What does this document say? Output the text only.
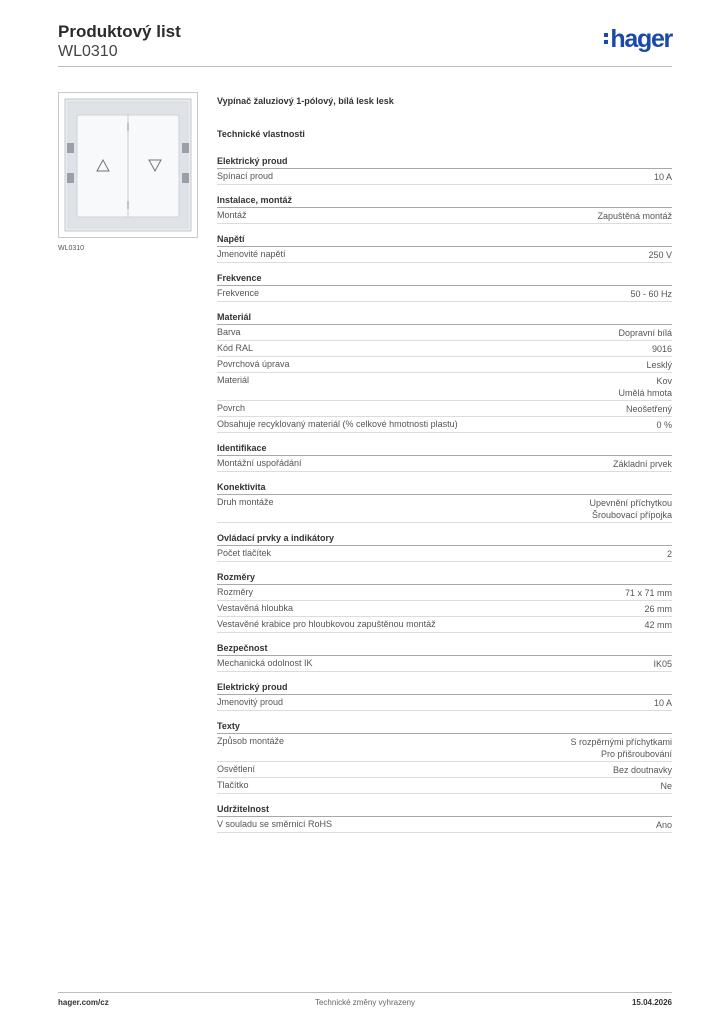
Produktový list
WL0310	hager
WL0310
Vypínač žaluziový 1-pólový, bílá lesk lesk
Technické vlastnosti
Elektrický proud
Spínací proud	10 A
Instalace, montáž
Montáž	Zapuštěná montáž
Napětí
Jmenovité napětí	250 V
Frekvence
Frekvence	50 - 60 Hz
Materiál
Barva	Dopravní bílá
Kód RAL	9016
Povrchová úprava	Lesklý
Materiál	Kov
Umělá hmota
Povrch	Neošetřený
Obsahuje recyklovaný materiál (% celkové hmotnosti plastu)	0 %
Identifikace
Montážní uspořádání	Základní prvek
Konektivita
Druh montáže	Upevnění příchytkou
Šroubovací přípojka
Ovládací prvky a indikátory
Počet tlačítek	2
Rozměry
Rozměry	71 x 71 mm
Vestavěná hloubka	26 mm
Vestavěné krabice pro hloubkovou zapuštěnou montáž	42 mm
Bezpečnost
Mechanická odolnost IK	IK05
Elektrický proud
Jmenovitý proud	10 A
Texty
Způsob montáže	S rozpěrnými příchytkami
Pro přišroubování
Osvětlení	Bez doutnavky
Tlačítko	Ne
Udržitelnost
V souladu se směrnicí RoHS	Ano
hager.com/cz	Technické změny vyhrazeny	15.04.2026
